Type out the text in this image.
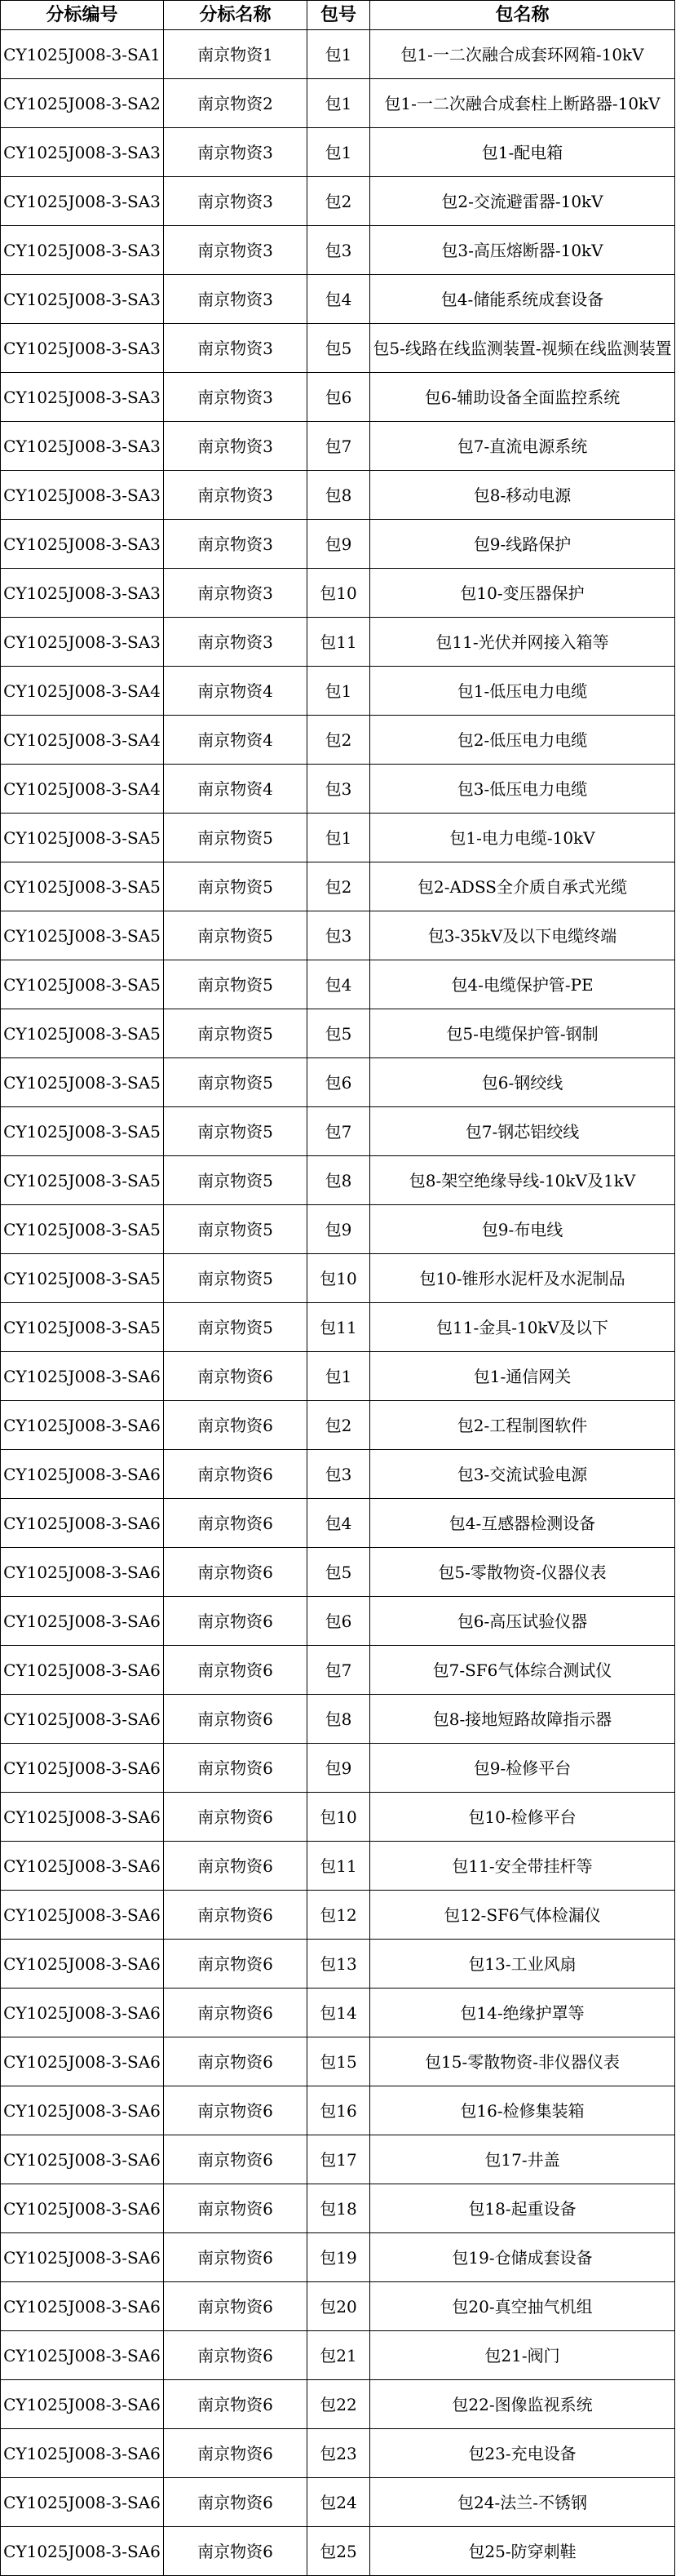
分标编号	分标名称	包号	包名称
CY1025J008-3-SA1	南京物资1	包1	包1-一二次融合成套环网箱-10kV
CY1025J008-3-SA2	南京物资2	包1	包1-一二次融合成套柱上断路器-10kV
CY1025J008-3-SA3	南京物资3	包1	包1-配电箱
CY1025J008-3-SA3	南京物资3	包2	包2-交流避雷器-10kV
CY1025J008-3-SA3	南京物资3	包3	包3-高压熔断器-10kV
CY1025J008-3-SA3	南京物资3	包4	包4-储能系统成套设备
CY1025J008-3-SA3	南京物资3	包5	包5-线路在线监测装置-视频在线监测装置
CY1025J008-3-SA3	南京物资3	包6	包6-辅助设备全面监控系统
CY1025J008-3-SA3	南京物资3	包7	包7-直流电源系统
CY1025J008-3-SA3	南京物资3	包8	包8-移动电源
CY1025J008-3-SA3	南京物资3	包9	包9-线路保护
CY1025J008-3-SA3	南京物资3	包10	包10-变压器保护
CY1025J008-3-SA3	南京物资3	包11	包11-光伏并网接入箱等
CY1025J008-3-SA4	南京物资4	包1	包1-低压电力电缆
CY1025J008-3-SA4	南京物资4	包2	包2-低压电力电缆
CY1025J008-3-SA4	南京物资4	包3	包3-低压电力电缆
CY1025J008-3-SA5	南京物资5	包1	包1-电力电缆-10kV
CY1025J008-3-SA5	南京物资5	包2	包2-ADSS全介质自承式光缆
CY1025J008-3-SA5	南京物资5	包3	包3-35kV及以下电缆终端
CY1025J008-3-SA5	南京物资5	包4	包4-电缆保护管-PE
CY1025J008-3-SA5	南京物资5	包5	包5-电缆保护管-钢制
CY1025J008-3-SA5	南京物资5	包6	包6-钢绞线
CY1025J008-3-SA5	南京物资5	包7	包7-钢芯铝绞线
CY1025J008-3-SA5	南京物资5	包8	包8-架空绝缘导线-10kV及1kV
CY1025J008-3-SA5	南京物资5	包9	包9-布电线
CY1025J008-3-SA5	南京物资5	包10	包10-锥形水泥杆及水泥制品
CY1025J008-3-SA5	南京物资5	包11	包11-金具-10kV及以下
CY1025J008-3-SA6	南京物资6	包1	包1-通信网关
CY1025J008-3-SA6	南京物资6	包2	包2-工程制图软件
CY1025J008-3-SA6	南京物资6	包3	包3-交流试验电源
CY1025J008-3-SA6	南京物资6	包4	包4-互感器检测设备
CY1025J008-3-SA6	南京物资6	包5	包5-零散物资-仪器仪表
CY1025J008-3-SA6	南京物资6	包6	包6-高压试验仪器
CY1025J008-3-SA6	南京物资6	包7	包7-SF6气体综合测试仪
CY1025J008-3-SA6	南京物资6	包8	包8-接地短路故障指示器
CY1025J008-3-SA6	南京物资6	包9	包9-检修平台
CY1025J008-3-SA6	南京物资6	包10	包10-检修平台
CY1025J008-3-SA6	南京物资6	包11	包11-安全带挂杆等
CY1025J008-3-SA6	南京物资6	包12	包12-SF6气体检漏仪
CY1025J008-3-SA6	南京物资6	包13	包13-工业风扇
CY1025J008-3-SA6	南京物资6	包14	包14-绝缘护罩等
CY1025J008-3-SA6	南京物资6	包15	包15-零散物资-非仪器仪表
CY1025J008-3-SA6	南京物资6	包16	包16-检修集装箱
CY1025J008-3-SA6	南京物资6	包17	包17-井盖
CY1025J008-3-SA6	南京物资6	包18	包18-起重设备
CY1025J008-3-SA6	南京物资6	包19	包19-仓储成套设备
CY1025J008-3-SA6	南京物资6	包20	包20-真空抽气机组
CY1025J008-3-SA6	南京物资6	包21	包21-阀门
CY1025J008-3-SA6	南京物资6	包22	包22-图像监视系统
CY1025J008-3-SA6	南京物资6	包23	包23-充电设备
CY1025J008-3-SA6	南京物资6	包24	包24-法兰-不锈钢
CY1025J008-3-SA6	南京物资6	包25	包25-防穿刺鞋
